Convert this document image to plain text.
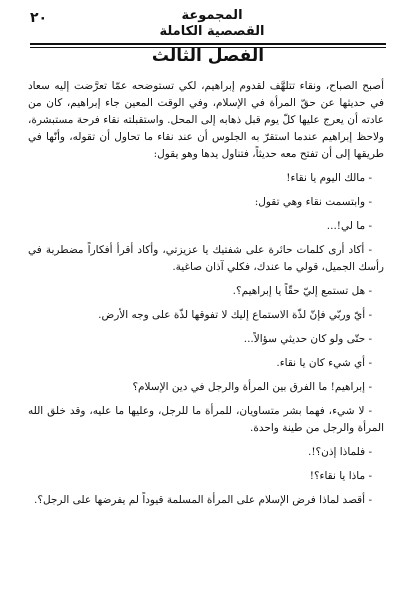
المجموعة
القصصية الكاملة
٢٠
الفصل الثالث

أصبح الصباح، ونقاء تتلهَّف لقدوم إبراهيم، لكي تستوضحه عمّا تعرَّضت إليه سعاد في حديثها عن حقّ المرأة في الإسلام، وفي الوقت المعين جاء إبراهيم، كان من عادته أن يعرج عليها كلّ يوم قبل ذهابه إلى المحل. واستقبلته نقاء فرحة مستبشرة، ولاحظ إبراهيم عندما استقرّ به الجلوس أن عند نقاء ما تحاول أن تقوله، وأنّها في طريقها إلى أن تفتح معه حديثاً، فتناول يدها وهو يقول:

- مالك اليوم يا نقاء!

- وابتسمت نقاء وهي تقول:

- ما لي!...

- أكاد أرى كلمات حائرة على شفتيك يا عزيزتي، وأكاد أقرأ أفكاراً مضطربة في رأسك الجميل، قولي ما عندك، فكلي آذان صاغية.

- هل تستمع إليّ حقّاً يا إبراهيم؟.

- أيّ وربّي فإنّ لذّة الاستماع إليك لا تفوقها لذّة على وجه الأرض.

- حتّى ولو كان حديثي سؤالاً...

- أي شيء كان يا نقاء.

- إبراهيم! ما الفرق بين المرأة والرجل في دين الإسلام؟

- لا شيء، فهما بشر متساويان، للمرأة ما للرجل، وعليها ما عليه، وقد خلق الله المرأة والرجل من طينة واحدة.

- فلماذا إذن؟!.

- ماذا يا نقاء؟!

- أقصد لماذا فرض الإسلام على المرأة المسلمة قيوداً لم يفرضها على الرجل؟.
